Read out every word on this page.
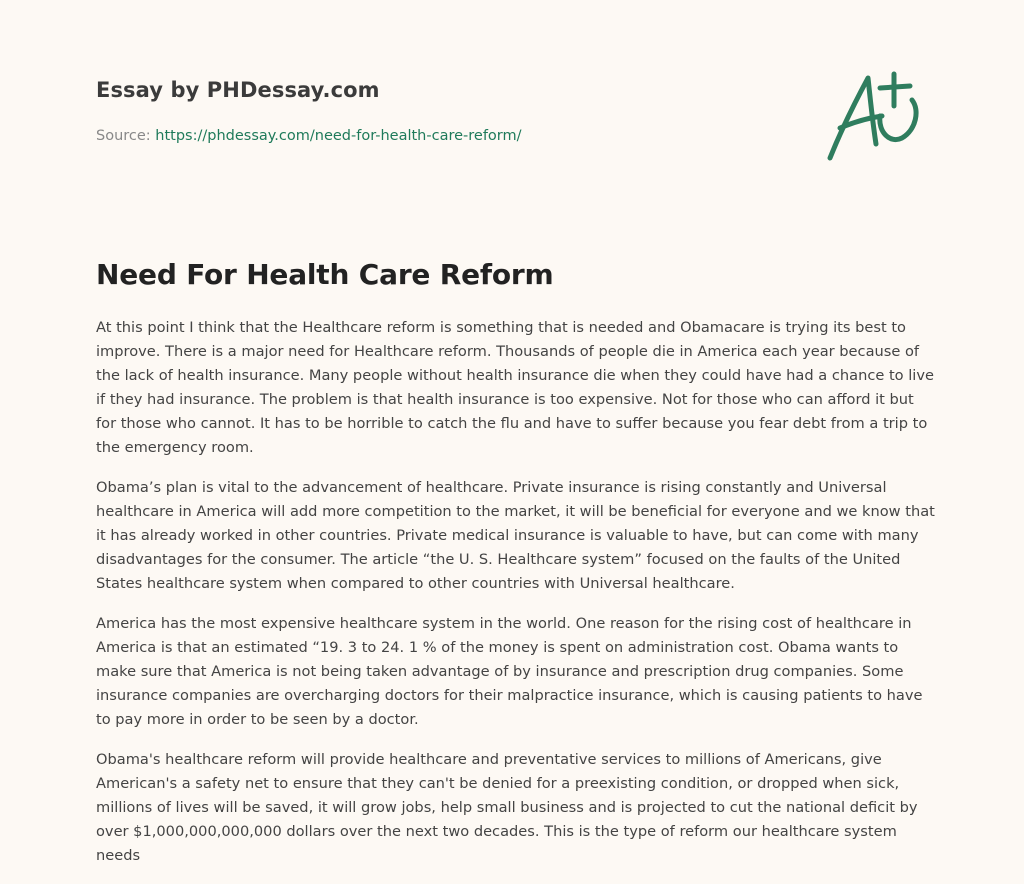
Essay by PHDessay.com
Source: https://phdessay.com/need-for-health-care-reform/
Need For Health Care Reform

At this point I think that the Healthcare reform is something that is needed and Obamacare is trying its best to improve. There is a major need for Healthcare reform. Thousands of people die in America each year because of the lack of health insurance. Many people without health insurance die when they could have had a chance to live if they had insurance. The problem is that health insurance is too expensive. Not for those who can afford it but for those who cannot. It has to be horrible to catch the flu and have to suffer because you fear debt from a trip to the emergency room.

Obama’s plan is vital to the advancement of healthcare. Private insurance is rising constantly and Universal healthcare in America will add more competition to the market, it will be beneficial for everyone and we know that it has already worked in other countries. Private medical insurance is valuable to have, but can come with many disadvantages for the consumer. The article “the U. S. Healthcare system” focused on the faults of the United States healthcare system when compared to other countries with Universal healthcare.

America has the most expensive healthcare system in the world. One reason for the rising cost of healthcare in America is that an estimated “19. 3 to 24. 1 % of the money is spent on administration cost. Obama wants to make sure that America is not being taken advantage of by insurance and prescription drug companies. Some insurance companies are overcharging doctors for their malpractice insurance, which is causing patients to have to pay more in order to be seen by a doctor.

Obama's healthcare reform will provide healthcare and preventative services to millions of Americans, give American's a safety net to ensure that they can't be denied for a preexisting condition, or dropped when sick, millions of lives will be saved, it will grow jobs, help small business and is projected to cut the national deficit by over $1,000,000,000,000 dollars over the next two decades. This is the type of reform our healthcare system needs
